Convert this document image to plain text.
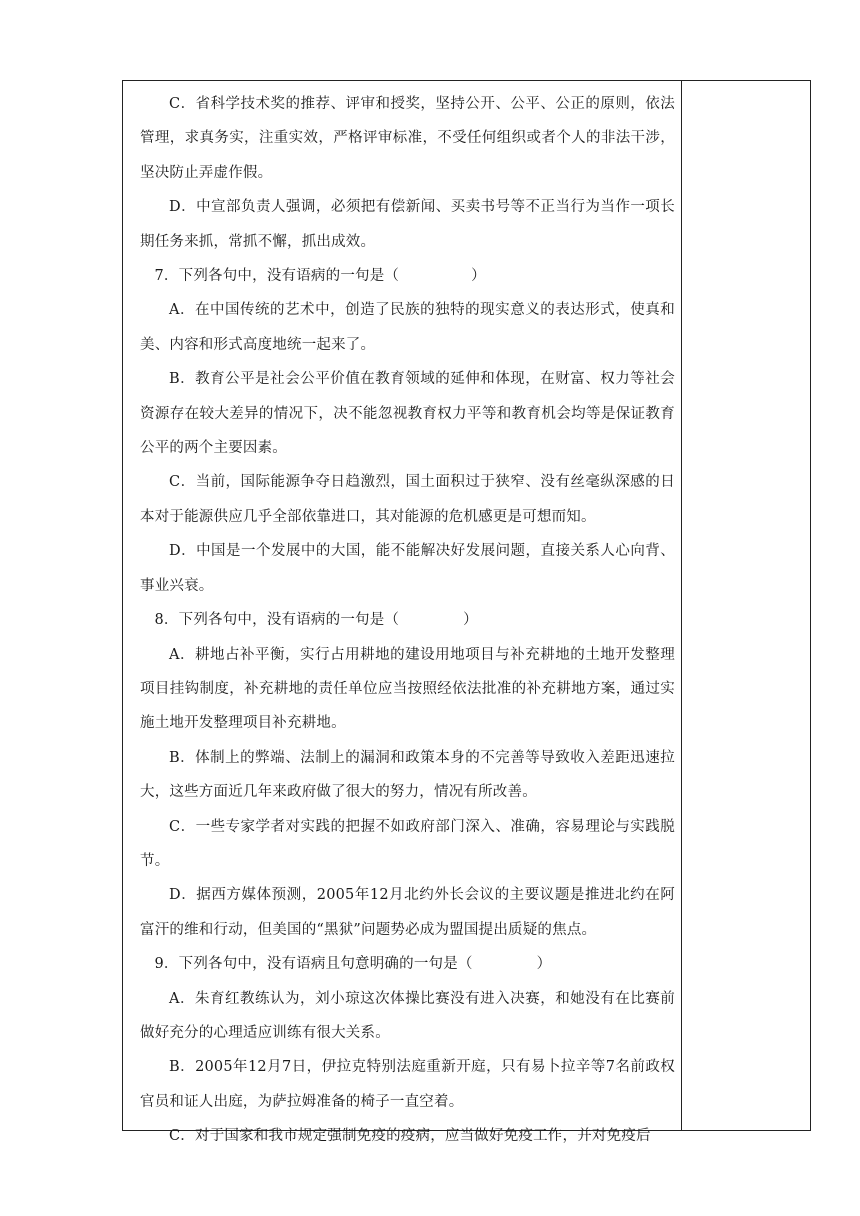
C．省科学技术奖的推荐、评审和授奖，坚持公开、公平、公正的原则，依法管理，求真务实，注重实效，严格评审标准，不受任何组织或者个人的非法干涉，坚决防止弄虚作假。

D．中宣部负责人强调，必须把有偿新闻、买卖书号等不正当行为当作一项长期任务来抓，常抓不懈，抓出成效。

7．下列各句中，没有语病的一句是（	）

A．在中国传统的艺术中，创造了民族的独特的现实意义的表达形式，使真和美、内容和形式高度地统一起来了。

B．教育公平是社会公平价值在教育领域的延伸和体现，在财富、权力等社会资源存在较大差异的情况下，决不能忽视教育权力平等和教育机会均等是保证教育公平的两个主要因素。

C．当前，国际能源争夺日趋激烈，国土面积过于狭窄、没有丝毫纵深感的日本对于能源供应几乎全部依靠进口，其对能源的危机感更是可想而知。

D．中国是一个发展中的大国，能不能解决好发展问题，直接关系人心向背、事业兴衰。

8．下列各句中，没有语病的一句是（	）

A．耕地占补平衡，实行占用耕地的建设用地项目与补充耕地的土地开发整理项目挂钩制度，补充耕地的责任单位应当按照经依法批准的补充耕地方案，通过实施土地开发整理项目补充耕地。

B．体制上的弊端、法制上的漏洞和政策本身的不完善等导致收入差距迅速拉大，这些方面近几年来政府做了很大的努力，情况有所改善。

C．一些专家学者对实践的把握不如政府部门深入、准确，容易理论与实践脱节。

D．据西方媒体预测，2005年12月北约外长会议的主要议题是推进北约在阿富汗的维和行动，但美国的“黑狱”问题势必成为盟国提出质疑的焦点。

9．下列各句中，没有语病且句意明确的一句是（	）

A．朱育红教练认为，刘小琼这次体操比赛没有进入决赛，和她没有在比赛前做好充分的心理适应训练有很大关系。

B．2005年12月7日，伊拉克特别法庭重新开庭，只有易卜拉辛等7名前政权官员和证人出庭，为萨拉姆准备的椅子一直空着。

C．对于国家和我市规定强制免疫的疫病，应当做好免疫工作，并对免疫后
